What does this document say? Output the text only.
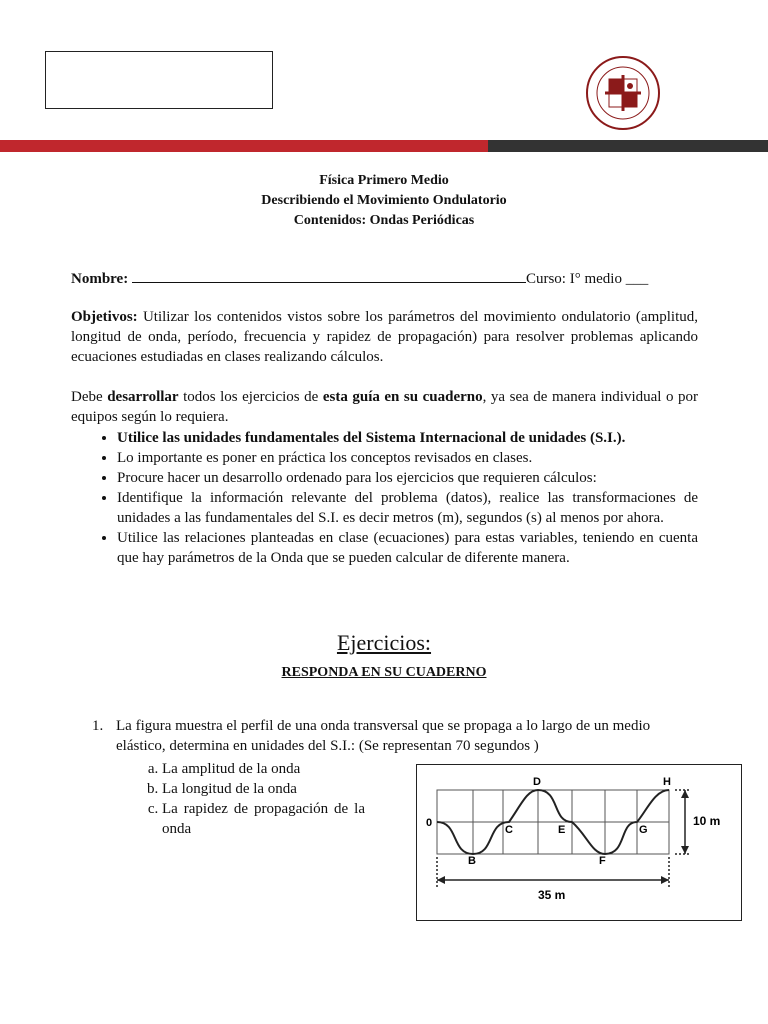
Física Primero Medio
Describiendo el Movimiento Ondulatorio
Contenidos: Ondas Periódicas
Nombre:	Curso: I° medio ___
Objetivos: Utilizar los contenidos vistos sobre los parámetros del movimiento ondulatorio (amplitud, longitud de onda, período, frecuencia y rapidez de propagación) para resolver problemas aplicando ecuaciones estudiadas en clases realizando cálculos.
Debe desarrollar todos los ejercicios de esta guía en su cuaderno, ya sea de manera individual o por equipos según lo requiera.
• Utilice las unidades fundamentales del Sistema Internacional de unidades (S.I.).
• Lo importante es poner en práctica los conceptos revisados en clases.
• Procure hacer un desarrollo ordenado para los ejercicios que requieren cálculos:
• Identifique la información relevante del problema (datos), realice las transformaciones de unidades a las fundamentales del S.I. es decir metros (m), segundos (s) al menos por ahora.
• Utilice las relaciones planteadas en clase (ecuaciones) para estas variables, teniendo en cuenta que hay parámetros de la Onda que se pueden calcular de diferente manera.
Ejercicios:
RESPONDA EN SU CUADERNO
1. La figura muestra el perfil de una onda transversal que se propaga a lo largo de un medio elástico, determina en unidades del S.I.: (Se representan 70 segundos )
a. La amplitud de la onda
b. La longitud de la onda
c. La rapidez de propagación de la onda	0
B
C
D
E
F
G
H
10 m
35 m
